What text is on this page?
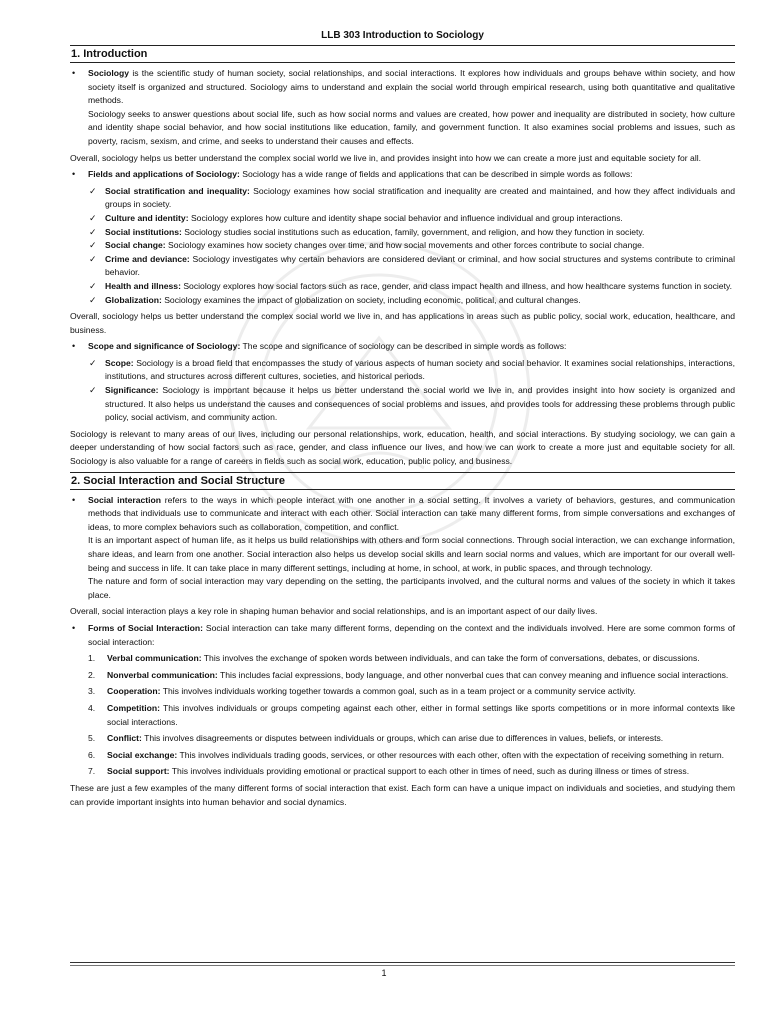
LLB 303 Introduction to Sociology
1. Introduction
• Sociology is the scientific study of human society, social relationships, and social interactions. It explores how individuals and groups behave within society, and how society itself is organized and structured. Sociology aims to understand and explain the social world through empirical research, using both quantitative and qualitative methods.

Sociology seeks to answer questions about social life, such as how social norms and values are created, how power and inequality are distributed in society, how culture and identity shape social behavior, and how social institutions like education, family, and government function. It also examines social problems and issues, such as poverty, racism, sexism, and crime, and seeks to understand their causes and effects.

Overall, sociology helps us better understand the complex social world we live in, and provides insight into how we can create a more just and equitable society for all.

• Fields and applications of Sociology: Sociology has a wide range of fields and applications that can be described in simple words as follows:

✓ Social stratification and inequality: Sociology examines how social stratification and inequality are created and maintained, and how they affect individuals and groups in society.
✓ Culture and identity: Sociology explores how culture and identity shape social behavior and influence individual and group interactions.
✓ Social institutions: Sociology studies social institutions such as education, family, government, and religion, and how they function in society.
✓ Social change: Sociology examines how society changes over time, and how social movements and other forces contribute to social change.
✓ Crime and deviance: Sociology investigates why certain behaviors are considered deviant or criminal, and how social structures and systems contribute to criminal behavior.
✓ Health and illness: Sociology explores how social factors such as race, gender, and class impact health and illness, and how healthcare systems function in society.
✓ Globalization: Sociology examines the impact of globalization on society, including economic, political, and cultural changes.

Overall, sociology helps us better understand the complex social world we live in, and has applications in areas such as public policy, social work, education, healthcare, and business.

• Scope and significance of Sociology: The scope and significance of sociology can be described in simple words as follows:

✓ Scope: Sociology is a broad field that encompasses the study of various aspects of human society and social behavior. It examines social relationships, interactions, institutions, and structures across different cultures, societies, and historical periods.
✓ Significance: Sociology is important because it helps us better understand the social world we live in, and provides insight into how society is organized and structured. It also helps us understand the causes and consequences of social problems and issues, and provides tools for addressing these problems through public policy, social activism, and community action.

Sociology is relevant to many areas of our lives, including our personal relationships, work, education, health, and social interactions. By studying sociology, we can gain a deeper understanding of how social factors such as race, gender, and class influence our lives, and how we can work to create a more just and equitable society for all. Sociology is also valuable for a range of careers in fields such as social work, education, public policy, and business.

2. Social Interaction and Social Structure
• Social interaction refers to the ways in which people interact with one another in a social setting. It involves a variety of behaviors, gestures, and communication methods that individuals use to communicate and interact with each other. Social interaction can take many different forms, from simple conversations and exchanges of ideas, to more complex behaviors such as collaboration, competition, and conflict.

It is an important aspect of human life, as it helps us build relationships with others and form social connections. Through social interaction, we can exchange information, share ideas, and learn from one another. Social interaction also helps us develop social skills and learn social norms and values, which are important for our overall well-being and success in life. It can take place in many different settings, including at home, in school, at work, in public spaces, and through technology.

The nature and form of social interaction may vary depending on the setting, the participants involved, and the cultural norms and values of the society in which it takes place.

Overall, social interaction plays a key role in shaping human behavior and social relationships, and is an important aspect of our daily lives.

• Forms of Social Interaction: Social interaction can take many different forms, depending on the context and the individuals involved. Here are some common forms of social interaction:

1. Verbal communication: This involves the exchange of spoken words between individuals, and can take the form of conversations, debates, or discussions.
2. Nonverbal communication: This includes facial expressions, body language, and other nonverbal cues that can convey meaning and influence social interactions.
3. Cooperation: This involves individuals working together towards a common goal, such as in a team project or a community service activity.
4. Competition: This involves individuals or groups competing against each other, either in formal settings like sports competitions or in more informal contexts like social interactions.
5. Conflict: This involves disagreements or disputes between individuals or groups, which can arise due to differences in values, beliefs, or interests.
6. Social exchange: This involves individuals trading goods, services, or other resources with each other, often with the expectation of receiving something in return.
7. Social support: This involves individuals providing emotional or practical support to each other in times of need, such as during illness or times of stress.

These are just a few examples of the many different forms of social interaction that exist. Each form can have a unique impact on individuals and societies, and studying them can provide important insights into human behavior and social dynamics.

1
